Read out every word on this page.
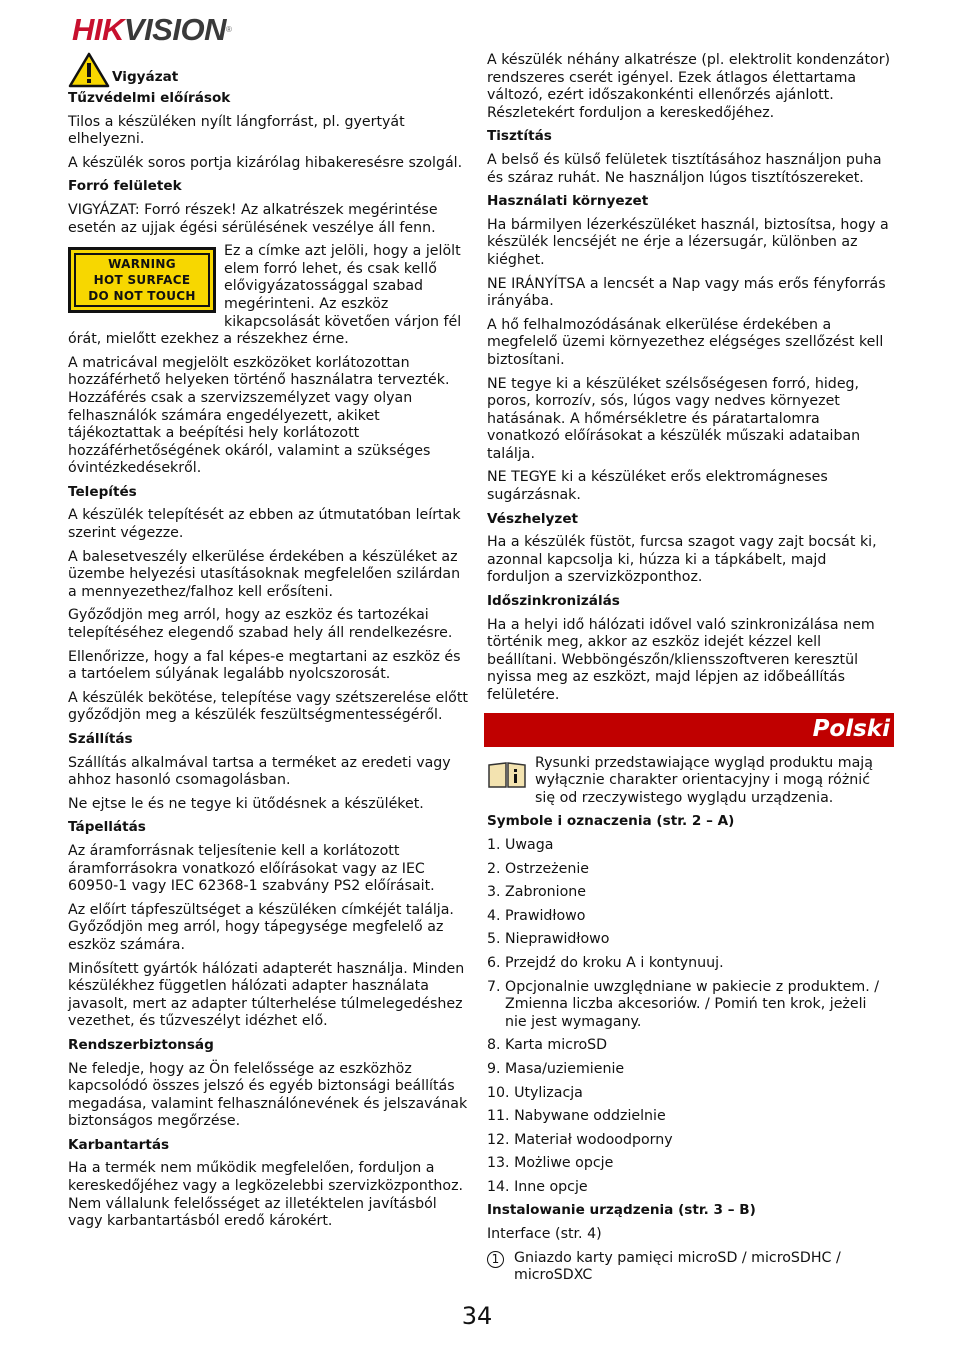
HIKVISION®
Vigyázat

Tűzvédelmi előírások

Tilos a készüléken nyílt lángforrást, pl. gyertyát elhelyezni.

A készülék soros portja kizárólag hibakeresésre szolgál.

Forró felületek

VIGYÁZAT: Forró részek! Az alkatrészek megérintése esetén az ujjak égési sérülésének veszélye áll fenn.

WARNING
HOT SURFACE
DO NOT TOUCH

Ez a címke azt jelöli, hogy a jelölt elem forró lehet, és csak kellő elővigyázatossággal szabad megérinteni. Az eszköz kikapcsolását követően várjon fél órát, mielőtt ezekhez a részekhez érne.

A matricával megjelölt eszközöket korlátozottan hozzáférhető helyeken történő használatra tervezték. Hozzáférés csak a szervizszemélyzet vagy olyan felhasználók számára engedélyezett, akiket tájékoztattak a beépítési hely korlátozott hozzáférhetőségének okáról, valamint a szükséges óvintézkedésekről.

Telepítés

A készülék telepítését az ebben az útmutatóban leírtak szerint végezze.

A balesetveszély elkerülése érdekében a készüléket az üzembe helyezési utasításoknak megfelelően szilárdan a mennyezethez/falhoz kell erősíteni.

Győződjön meg arról, hogy az eszköz és tartozékai telepítéséhez elegendő szabad hely áll rendelkezésre.

Ellenőrizze, hogy a fal képes-e megtartani az eszköz és a tartóelem súlyának legalább nyolcszorosát.

A készülék bekötése, telepítése vagy szétszerelése előtt győződjön meg a készülék feszültségmentességéről.

Szállítás

Szállítás alkalmával tartsa a terméket az eredeti vagy ahhoz hasonló csomagolásban.

Ne ejtse le és ne tegye ki ütődésnek a készüléket.

Tápellátás

Az áramforrásnak teljesítenie kell a korlátozott áramforrásokra vonatkozó előírásokat vagy az IEC 60950-1 vagy IEC 62368-1 szabvány PS2 előírásait.

Az előírt tápfeszültséget a készüléken címkéjét találja. Győződjön meg arról, hogy tápegysége megfelelő az eszköz számára.

Minősített gyártók hálózati adapterét használja. Minden készülékhez független hálózati adapter használata javasolt, mert az adapter túlterhelése túlmelegedéshez vezethet, és tűzveszélyt idézhet elő.

Rendszerbiztonság

Ne feledje, hogy az Ön felelőssége az eszközhöz kapcsolódó összes jelszó és egyéb biztonsági beállítás megadása, valamint felhasználónevének és jelszavának biztonságos megőrzése.

Karbantartás

Ha a termék nem működik megfelelően, forduljon a kereskedőjéhez vagy a legközelebbi szervizközponthoz. Nem vállalunk felelősséget az illetéktelen javításból vagy karbantartásból eredő károkért.

A készülék néhány alkatrésze (pl. elektrolit kondenzátor) rendszeres cserét igényel. Ezek átlagos élettartama változó, ezért időszakonkénti ellenőrzés ajánlott. Részletekért forduljon a kereskedőjéhez.

Tisztítás

A belső és külső felületek tisztításához használjon puha és száraz ruhát. Ne használjon lúgos tisztítószereket.

Használati környezet

Ha bármilyen lézerkészüléket használ, biztosítsa, hogy a készülék lencséjét ne érje a lézersugár, különben az kiéghet.

NE IRÁNYÍTSA a lencsét a Nap vagy más erős fényforrás irányába.

A hő felhalmozódásának elkerülése érdekében a megfelelő üzemi környezethez elégséges szellőzést kell biztosítani.

NE tegye ki a készüléket szélsőségesen forró, hideg, poros, korrozív, sós, lúgos vagy nedves környezet hatásának. A hőmérsékletre és páratartalomra vonatkozó előírásokat a készülék műszaki adataiban találja.

NE TEGYE ki a készüléket erős elektromágneses sugárzásnak.

Vészhelyzet

Ha a készülék füstöt, furcsa szagot vagy zajt bocsát ki, azonnal kapcsolja ki, húzza ki a tápkábelt, majd forduljon a szervizközponthoz.

Időszinkronizálás

Ha a helyi idő hálózati idővel való szinkronizálása nem történik meg, akkor az eszköz idejét kézzel kell beállítani. Webböngészőn/kliensszoftveren keresztül nyissa meg az eszközt, majd lépjen az időbeállítás felületére.

Polski
Rysunki przedstawiające wygląd produktu mają wyłącznie charakter orientacyjny i mogą różnić się od rzeczywistego wyglądu urządzenia.

Symbole i oznaczenia (str. 2 – A)

1. Uwaga
2. Ostrzeżenie
3. Zabronione
4. Prawidłowo
5. Nieprawidłowo
6. Przejdź do kroku A i kontynuuj.
7. Opcjonalnie uwzględniane w pakiecie z produktem. / Zmienna liczba akcesoriów. / Pomiń ten krok, jeżeli nie jest wymagany.
8. Karta microSD
9. Masa/uziemienie
10. Utylizacja
11. Nabywane oddzielnie
12. Materiał wodoodporny
13. Możliwe opcje
14. Inne opcje

Instalowanie urządzenia (str. 3 – B)

Interface (str. 4)

1	Gniazdo karty pamięci microSD / microSDHC / microSDXC
34
